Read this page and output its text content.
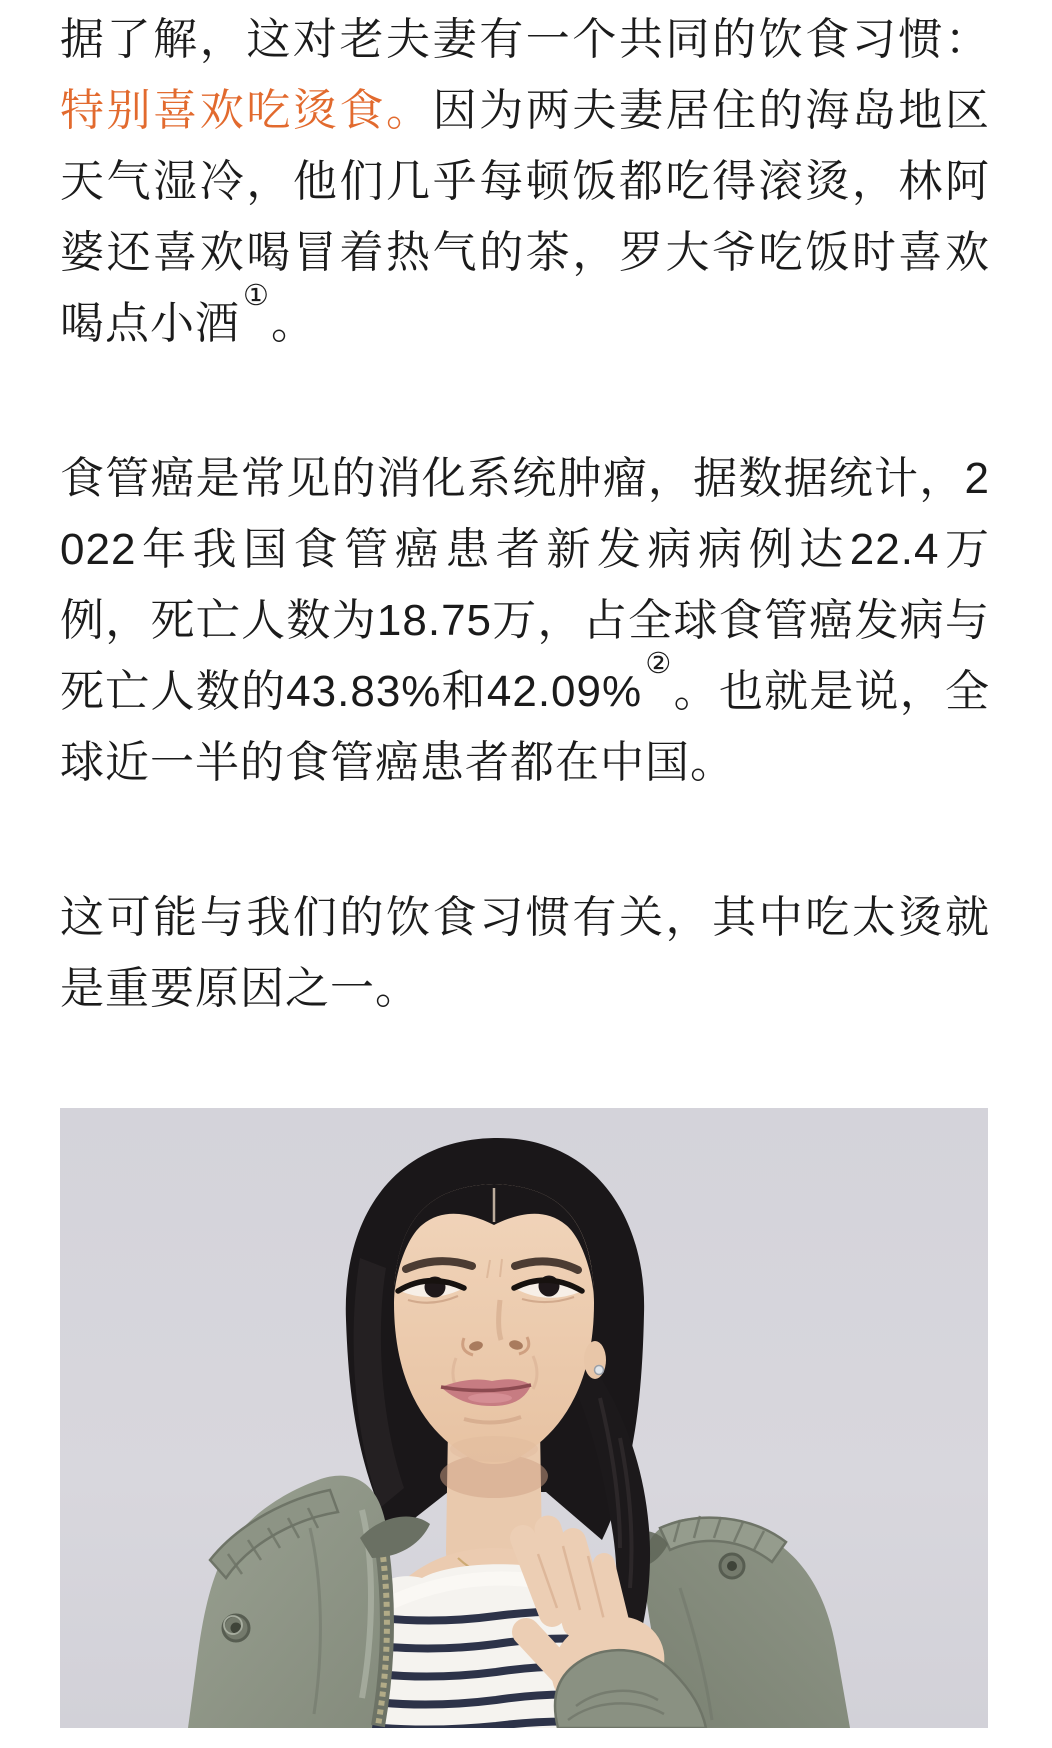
据了解，这对老夫妻有一个共同的饮食习惯：特别喜欢吃烫食。因为两夫妻居住的海岛地区天气湿冷，他们几乎每顿饭都吃得滚烫，林阿婆还喜欢喝冒着热气的茶，罗大爷吃饭时喜欢喝点小酒①。

食管癌是常见的消化系统肿瘤，据数据统计，2022年我国食管癌患者新发病病例达22.4万例，死亡人数为18.75万，占全球食管癌发病与死亡人数的43.83%和42.09%②。也就是说，全球近一半的食管癌患者都在中国。

这可能与我们的饮食习惯有关，其中吃太烫就是重要原因之一。
